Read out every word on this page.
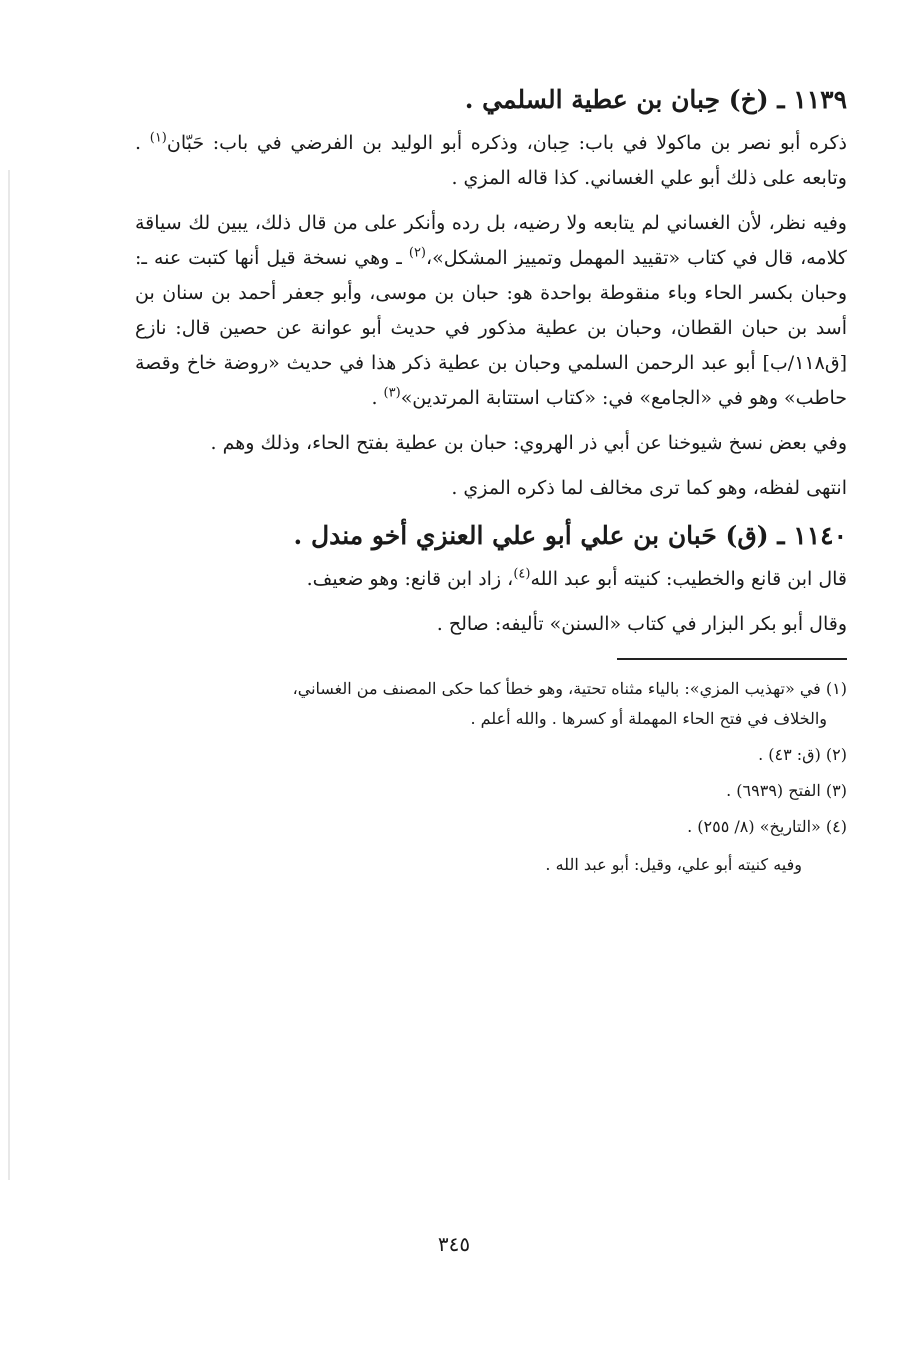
١١٣٩ ـ (خ) حِبان بن عطية السلمي .

ذكره أبو نصر بن ماكولا في باب: حِبان، وذكره أبو الوليد بن الفرضي في باب: حَبّان$^{(١)}$ . وتابعه على ذلك أبو علي الغساني. كذا قاله المزي .

وفيه نظر، لأن الغساني لم يتابعه ولا رضيه، بل رده وأنكر على من قال ذلك، يبين لك سياقة كلامه، قال في كتاب «تقييد المهمل وتمييز المشكل»،$^{(٢)}$ ـ وهي نسخة قيل أنها كتبت عنه ـ: وحبان بكسر الحاء وباء منقوطة بواحدة هو: حبان بن موسى، وأبو جعفر أحمد بن سنان بن أسد بن حبان القطان، وحبان بن عطية مذكور في حديث أبو عوانة عن حصين قال: نازع [ق١١٨/ب] أبو عبد الرحمن السلمي وحبان بن عطية ذكر هذا في حديث «روضة خاخ وقصة حاطب» وهو في «الجامع» في: «كتاب استتابة المرتدين»$^{(٣)}$ .

وفي بعض نسخ شيوخنا عن أبي ذر الهروي: حبان بن عطية بفتح الحاء، وذلك وهم .

انتهى لفظه، وهو كما ترى مخالف لما ذكره المزي .

١١٤٠ ـ (ق) حَبان بن علي أبو علي العنزي أخو مندل .

قال ابن قانع والخطيب: كنيته أبو عبد الله$^{(٤)}$، زاد ابن قانع: وهو ضعيف.

وقال أبو بكر البزار في كتاب «السنن» تأليفه: صالح .

(١) في «تهذيب المزي»: بالياء مثناه تحتية، وهو خطأ كما حكى المصنف من الغساني،
والخلاف في فتح الحاء المهملة أو كسرها . والله أعلم .
(٢) (ق: ٤٣) .
(٣) الفتح (٦٩٣٩) .
(٤) «التاريخ» (٨/ ٢٥٥) .
وفيه كنيته أبو علي، وقيل: أبو عبد الله .
٣٤٥
